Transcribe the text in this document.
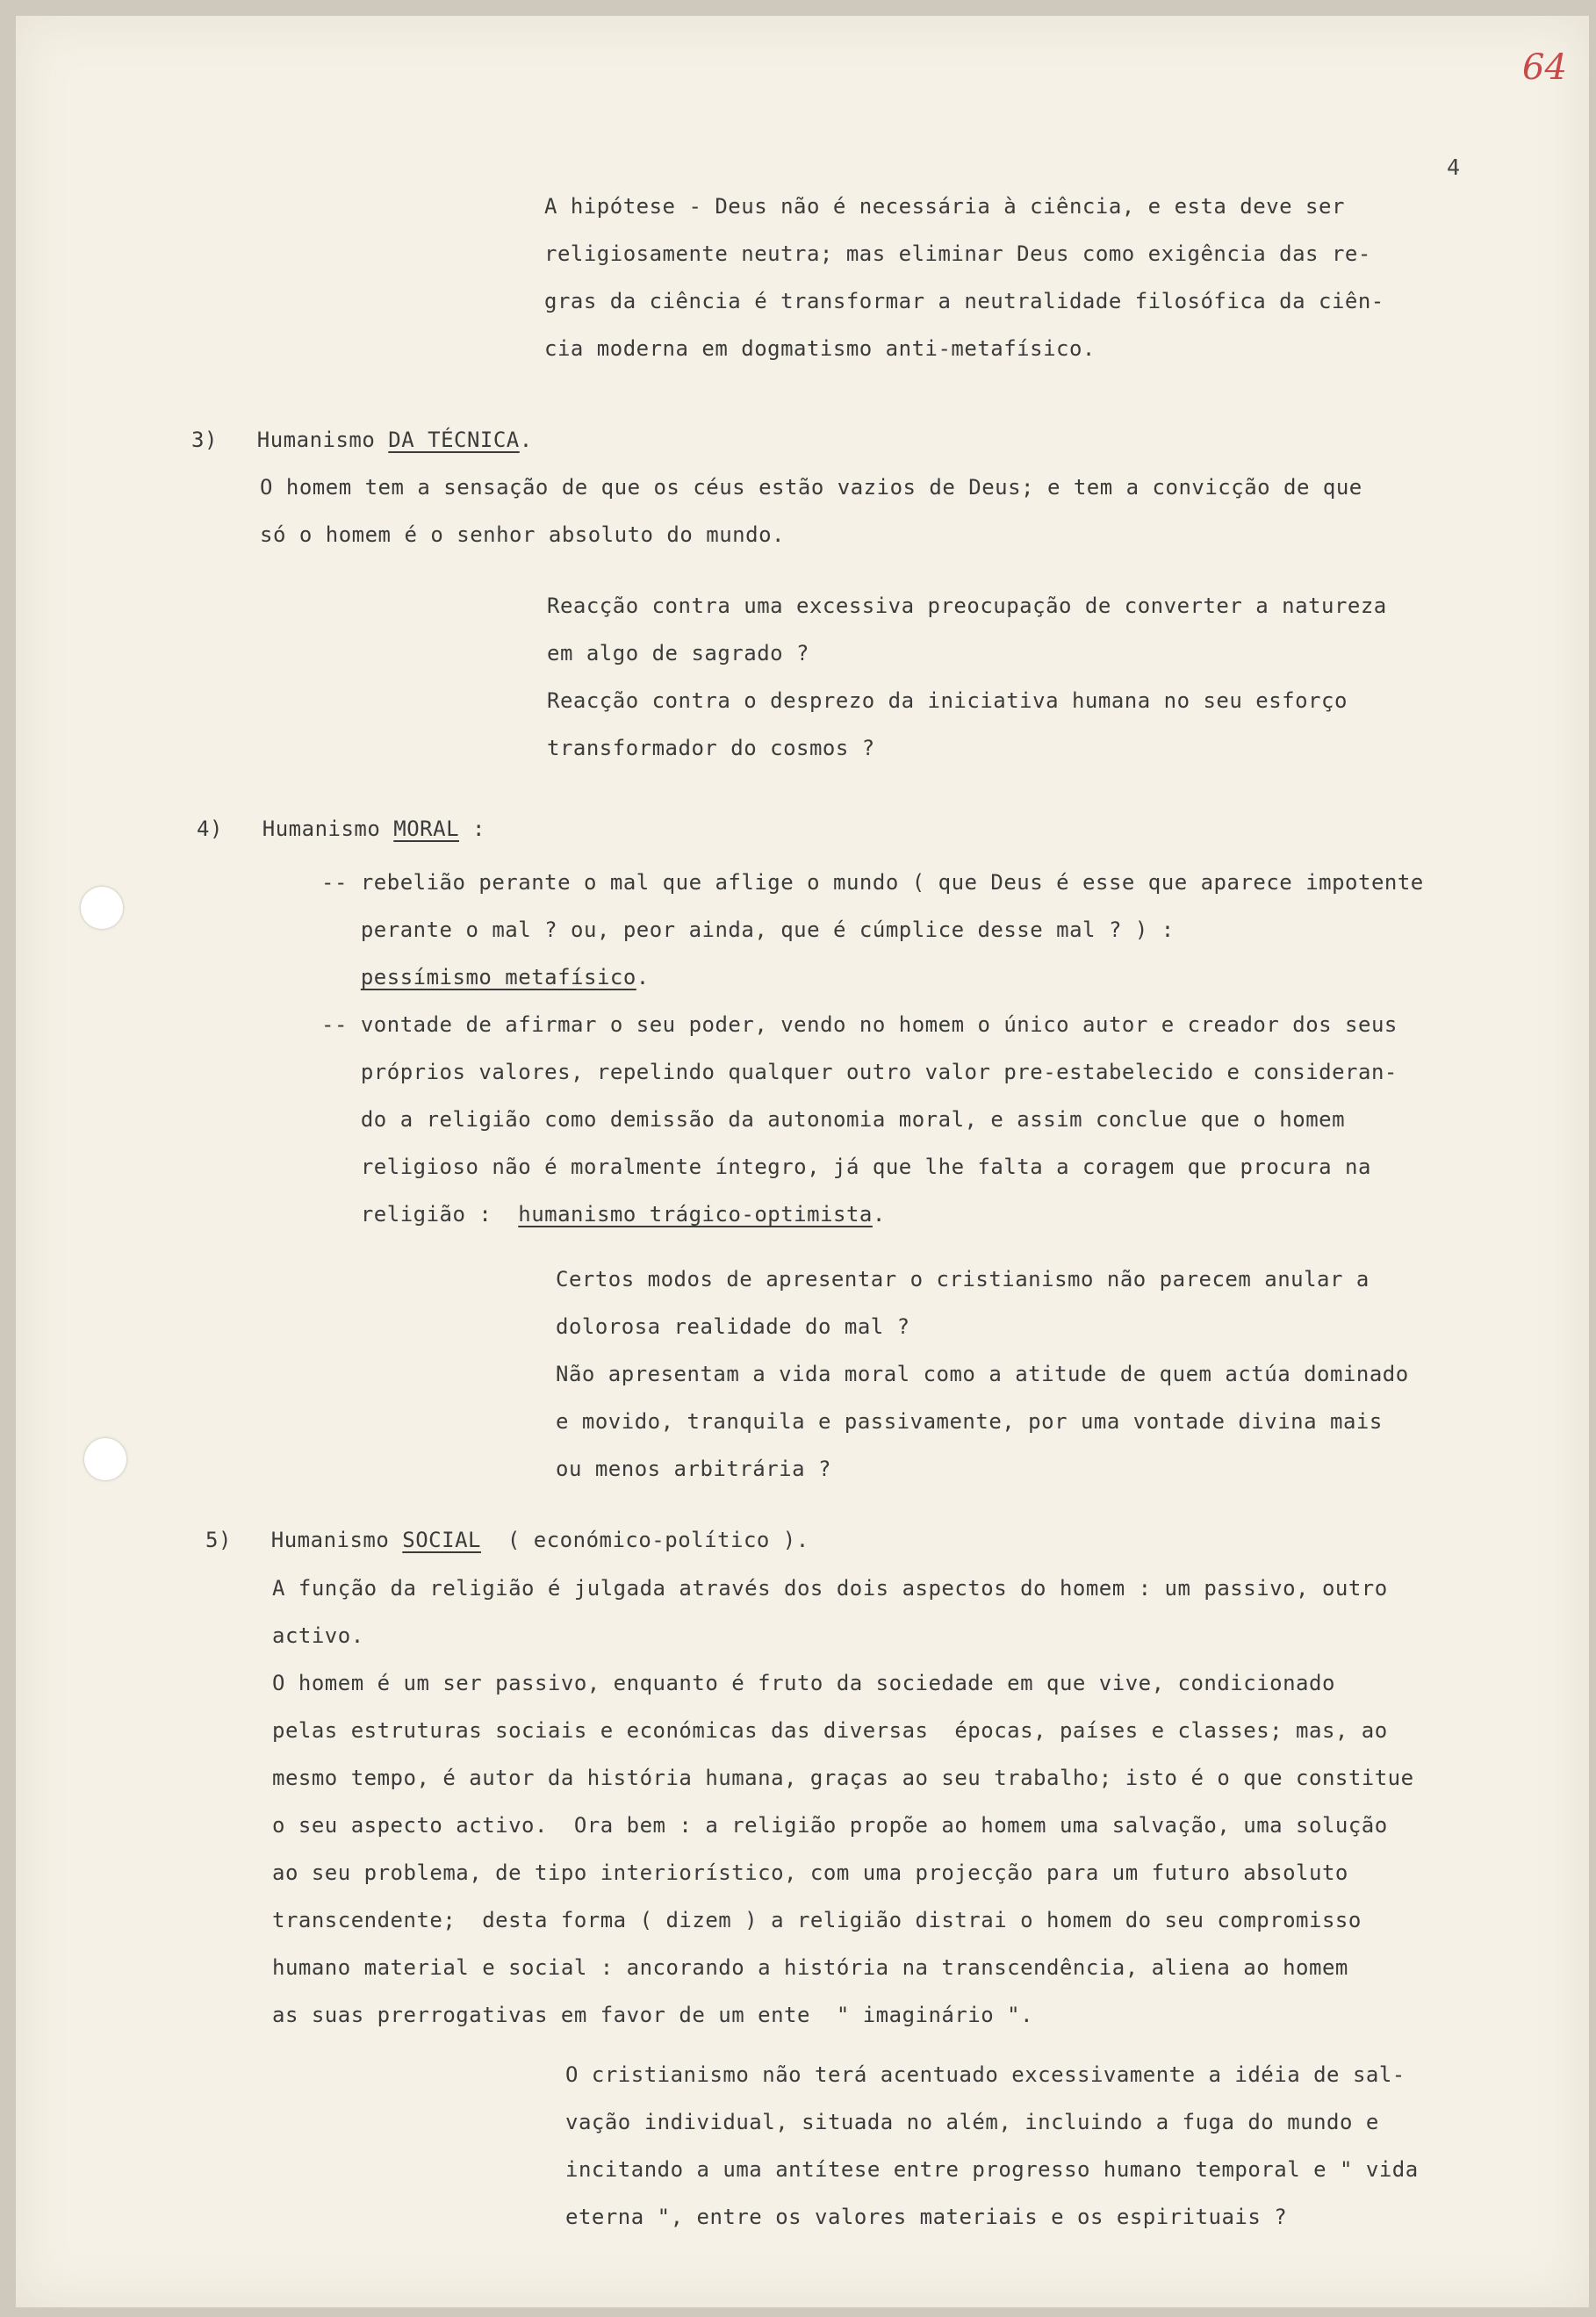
64
4

A hipótese - Deus não é necessária à ciência, e esta deve ser
religiosamente neutra; mas eliminar Deus como exigência das re-
gras da ciência é transformar a neutralidade filosófica da ciên-
cia moderna em dogmatismo anti-metafísico.

3) Humanismo DA TÉCNICA.

O homem tem a sensação de que os céus estão vazios de Deus; e tem a convicção de que
só o homem é o senhor absoluto do mundo.

Reacção contra uma excessiva preocupação de converter a natureza
em algo de sagrado ?
Reacção contra o desprezo da iniciativa humana no seu esforço
transformador do cosmos ?

4) Humanismo MORAL :

-- rebelião perante o mal que aflige o mundo ( que Deus é esse que aparece impotente
perante o mal ? ou, peor ainda, que é cúmplice desse mal ? ) :
pessímismo metafísico.

-- vontade de afirmar o seu poder, vendo no homem o único autor e creador dos seus
próprios valores, repelindo qualquer outro valor pre-estabelecido e consideran-
do a religião como demissão da autonomia moral, e assim conclue que o homem
religioso não é moralmente íntegro, já que lhe falta a coragem que procura na
religião :  humanismo trágico-optimista.

Certos modos de apresentar o cristianismo não parecem anular a
dolorosa realidade do mal ?
Não apresentam a vida moral como a atitude de quem actúa dominado
e movido, tranquila e passivamente, por uma vontade divina mais
ou menos arbitrária ?

5) Humanismo SOCIAL  ( económico-político ).

A função da religião é julgada através dos dois aspectos do homem : um passivo, outro
activo.
O homem é um ser passivo, enquanto é fruto da sociedade em que vive, condicionado
pelas estruturas sociais e económicas das diversas  épocas, países e classes; mas, ao
mesmo tempo, é autor da história humana, graças ao seu trabalho; isto é o que constitue
o seu aspecto activo.  Ora bem : a religião propõe ao homem uma salvação, uma solução
ao seu problema, de tipo interiorístico, com uma projecção para um futuro absoluto
transcendente;  desta forma ( dizem ) a religião distrai o homem do seu compromisso
humano material e social : ancorando a história na transcendência, aliena ao homem
as suas prerrogativas em favor de um ente  " imaginário ".

O cristianismo não terá acentuado excessivamente a idéia de sal-
vação individual, situada no além, incluindo a fuga do mundo e
incitando a uma antítese entre progresso humano temporal e " vida
eterna ", entre os valores materiais e os espirituais ?
